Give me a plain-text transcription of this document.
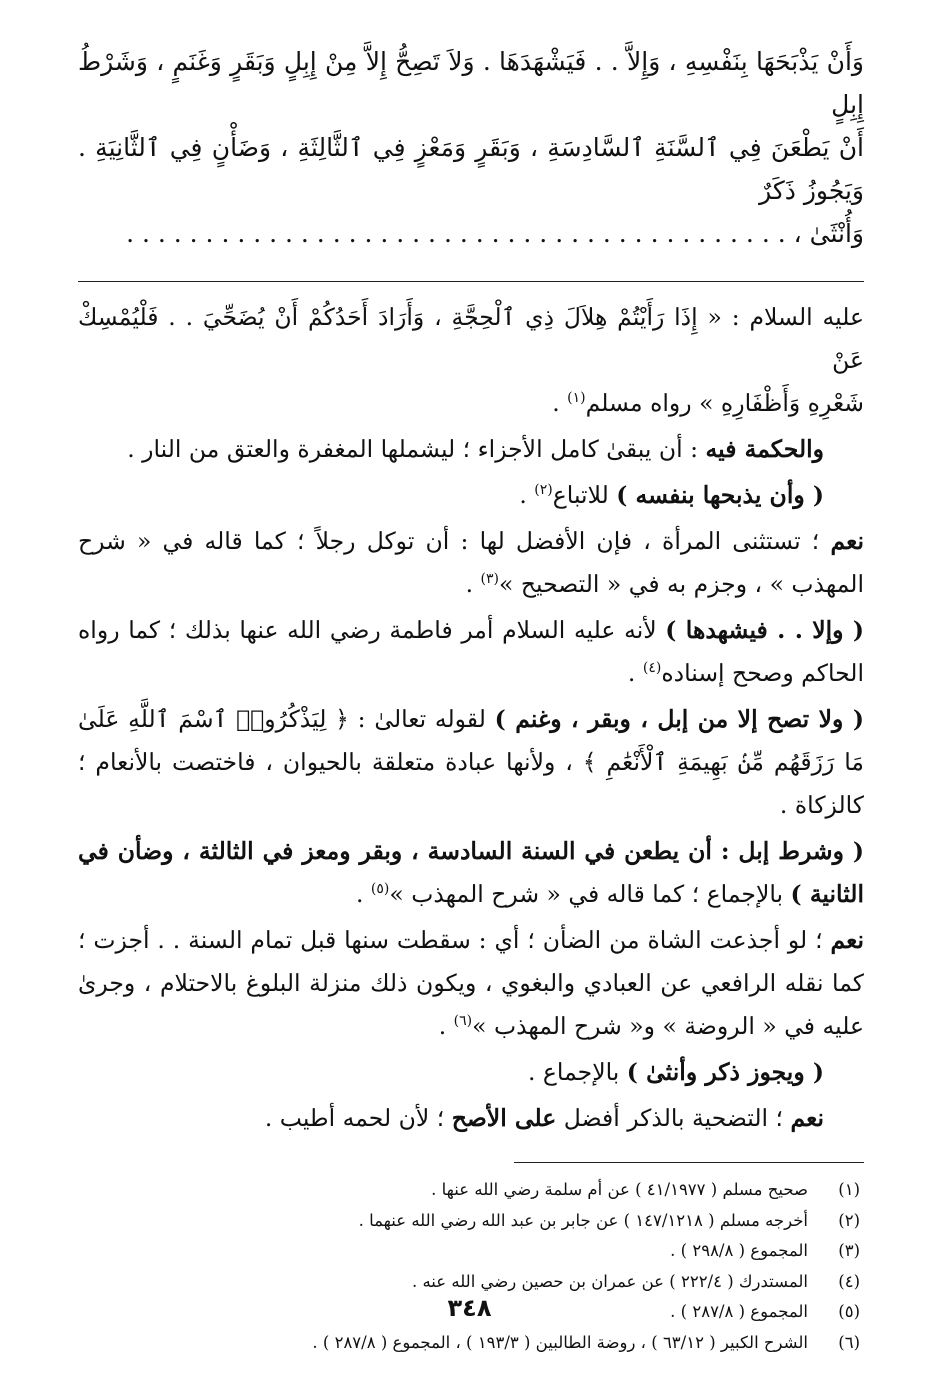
وَأَنْ يَذْبَحَهَا بِنَفْسِهِ ، وَإِلاَّ . . فَيَشْهَدَهَا . وَلاَ تَصِحُّ إِلاَّ مِنْ إِبِلٍ وَبَقَرٍ وَغَنَمٍ ، وَشَرْطُ إِبِلٍ

أَنْ يَطْعَنَ فِي ٱلسَّنَةِ ٱلسَّادِسَةِ ، وَبَقَرٍ وَمَعْزٍ فِي ٱلثَّالِثَةِ ، وَضَأْنٍ فِي ٱلثَّانِيَةِ . وَيَجُوزُ ذَكَرٌ

وَأُنْثَىٰ ، . . . . . . . . . . . . . . . . . . . . . . . . . . . . . . . . . . . . . . . . . .

عليه السلام : « إِذَا رَأَيْتُمْ هِلاَلَ ذِي ٱلْحِجَّةِ ، وَأَرَادَ أَحَدُكُمْ أَنْ يُضَحِّيَ . . فَلْيُمْسِكْ عَنْ
شَعْرِهِ وَأَظْفَارِهِ » رواه مسلم$^{(١)}$ .

والحكمة فيه : أن يبقىٰ كامل الأجزاء ؛ ليشملها المغفرة والعتق من النار .

( وأن يذبحها بنفسه ) للاتباع$^{(٢)}$ .

نعم ؛ تستثنى المرأة ، فإن الأفضل لها : أن توكل رجلاً ؛ كما قاله في « شرح المهذب » ، وجزم به في « التصحيح »$^{(٣)}$ .

( وإلا . . فيشهدها ) لأنه عليه السلام أمر فاطمة رضي الله عنها بذلك ؛ كما رواه الحاكم وصحح إسناده$^{(٤)}$ .

( ولا تصح إلا من إبل ، وبقر ، وغنم ) لقوله تعالىٰ : ﴿ لِيَذْكُرُوا۟ ٱسْمَ ٱللَّهِ عَلَىٰ مَا رَزَقَهُم مِّنۢ بَهِيمَةِ ٱلْأَنْعَٰمِ ﴾ ، ولأنها عبادة متعلقة بالحيوان ، فاختصت بالأنعام ؛ كالزكاة .

( وشرط إبل : أن يطعن في السنة السادسة ، وبقر ومعز في الثالثة ، وضأن في الثانية ) بالإجماع ؛ كما قاله في « شرح المهذب »$^{(٥)}$ .

نعم ؛ لو أجذعت الشاة من الضأن ؛ أي : سقطت سنها قبل تمام السنة . . أجزت ؛ كما نقله الرافعي عن العبادي والبغوي ، ويكون ذلك منزلة البلوغ بالاحتلام ، وجرىٰ عليه في « الروضة » و« شرح المهذب »$^{(٦)}$ .

( ويجوز ذكر وأنثىٰ ) بالإجماع .

نعم ؛ التضحية بالذكر أفضل على الأصح ؛ لأن لحمه أطيب .

(١)
صحيح مسلم ( ٤١/١٩٧٧ ) عن أم سلمة رضي الله عنها .
(٢)
أخرجه مسلم ( ١٤٧/١٢١٨ ) عن جابر بن عبد الله رضي الله عنهما .
(٣)
المجموع ( ٢٩٨/٨ ) .
(٤)
المستدرك ( ٢٢٢/٤ ) عن عمران بن حصين رضي الله عنه .
(٥)
المجموع ( ٢٨٧/٨ ) .
(٦)
الشرح الكبير ( ٦٣/١٢ ) ، روضة الطالبين ( ١٩٣/٣ ) ، المجموع ( ٢٨٧/٨ ) .
٣٤٨
